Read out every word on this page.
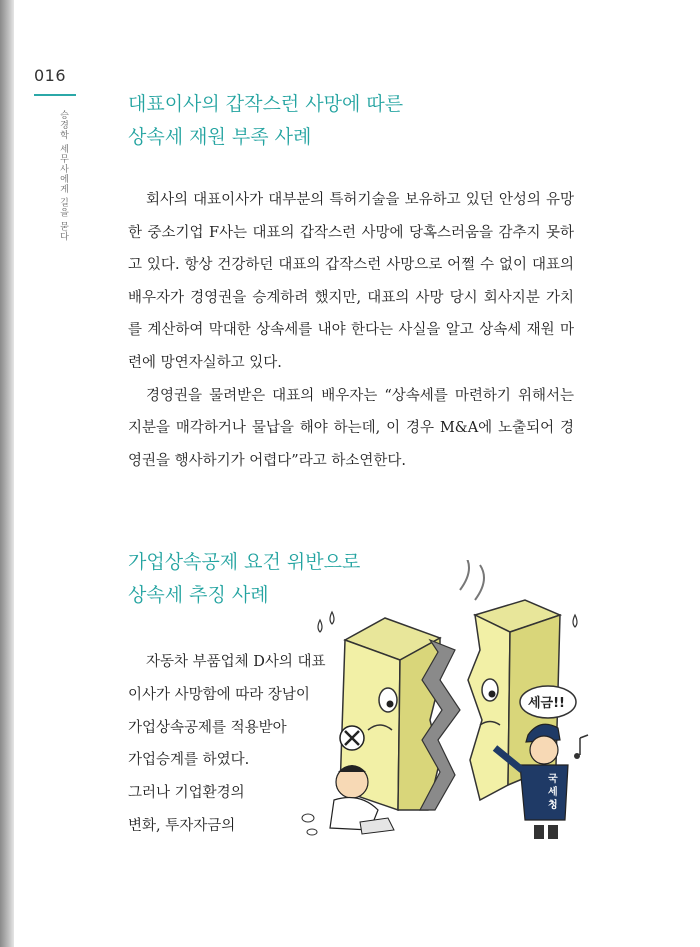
016
승경학 세무사에게 길을 묻다
대표이사의 갑작스런 사망에 따른
상속세 재원 부족 사례

회사의 대표이사가 대부분의 특허기술을 보유하고 있던 안성의 유망한 중소기업 F사는 대표의 갑작스런 사망에 당혹스러움을 감추지 못하고 있다. 항상 건강하던 대표의 갑작스런 사망으로 어쩔 수 없이 대표의 배우자가 경영권을 승계하려 했지만, 대표의 사망 당시 회사지분 가치를 계산하여 막대한 상속세를 내야 한다는 사실을 알고 상속세 재원 마련에 망연자실하고 있다.

경영권을 물려받은 대표의 배우자는 “상속세를 마련하기 위해서는 지분을 매각하거나 물납을 해야 하는데, 이 경우 M&A에 노출되어 경영권을 행사하기가 어렵다”라고 하소연한다.

가업상속공제 요건 위반으로
상속세 추징 사례
자동차 부품업체 D사의 대표
이사가 사망함에 따라 장남이
가업상속공제를 적용받아
가업승계를 하였다.
그러나 기업환경의
변화, 투자자금의
세금!!
국
세
청
